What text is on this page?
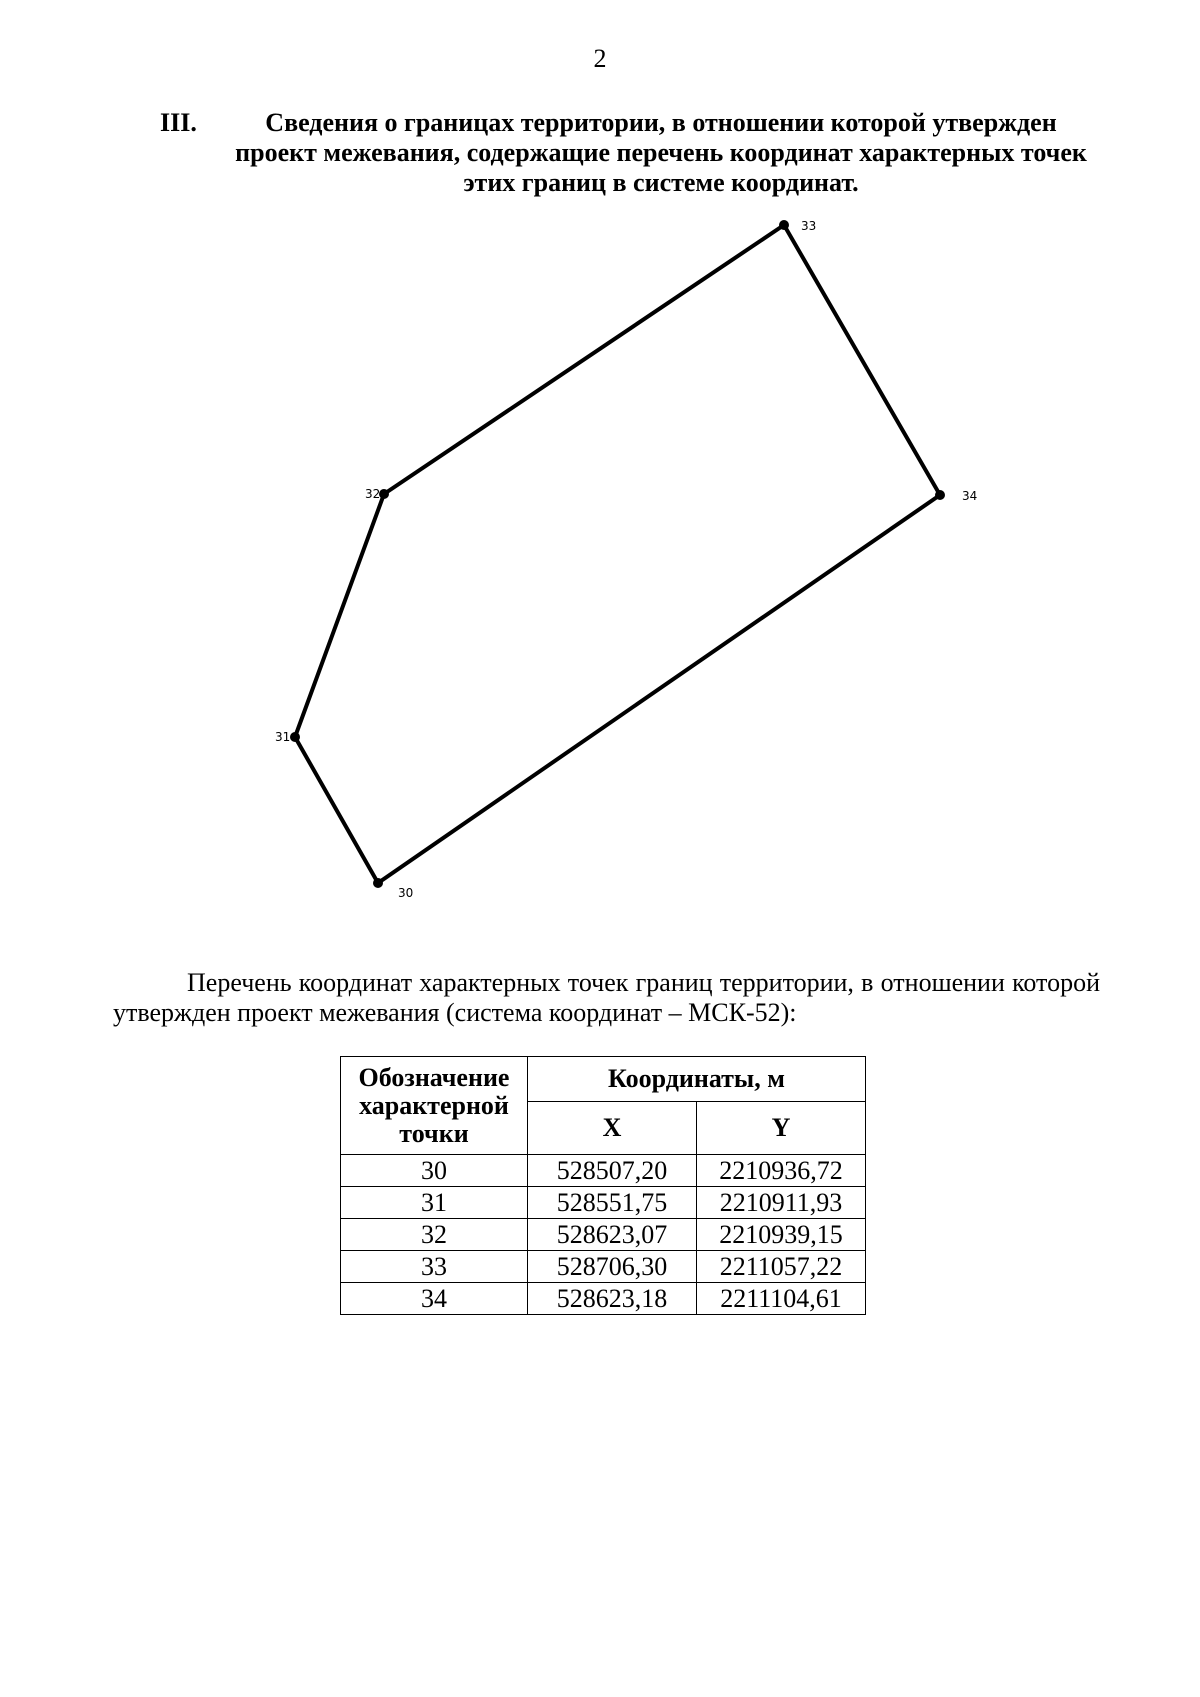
2
III.	Сведения о границах территории, в отношении которой утвержден проект межевания, содержащие перечень координат характерных точек этих границ в системе координат.
30
31
32
33
34
Перечень координат характерных точек границ территории, в отношении которой утвержден проект межевания (система координат – МСК-52):
Обозначение характерной точки	Координаты, м	
	X	Y
30	528507,20	2210936,72
31	528551,75	2210911,93
32	528623,07	2210939,15
33	528706,30	2211057,22
34	528623,18	2211104,61
